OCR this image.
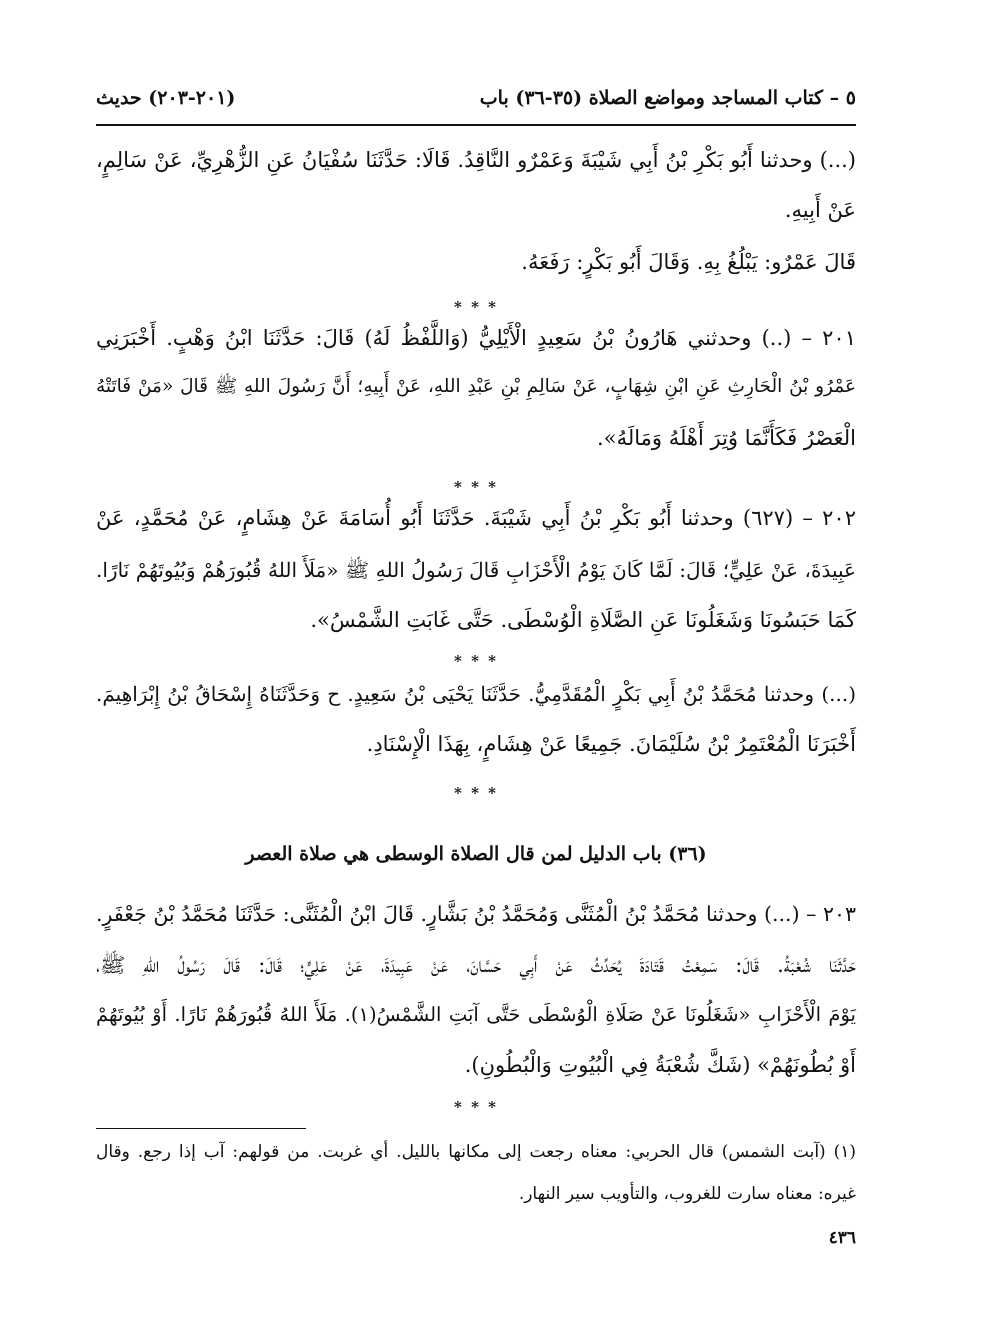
٥ – كتاب المساجد ومواضع الصلاة (٣٥-٣٦) باب
(٢٠١-٢٠٣) حديث
(...) وحدثنا أَبُو بَكْرِ بْنُ أَبِي شَيْبَةَ وَعَمْرٌو النَّاقِدُ. قَالَا: حَدَّثَنَا سُفْيَانُ عَنِ الزُّهْرِيِّ، عَنْ سَالِمٍ،
عَنْ أَبِيهِ.
قَالَ عَمْرٌو: يَبْلُغُ بِهِ. وَقَالَ أَبُو بَكْرٍ: رَفَعَهُ.
* * *
٢٠١ – (..) وحدثني هَارُونُ بْنُ سَعِيدٍ الْأَيْلِيُّ (وَاللَّفْظُ لَهُ) قَالَ: حَدَّثَنَا ابْنُ وَهْبٍ. أَخْبَرَنِي
عَمْرُو بْنُ الْحَارِثِ عَنِ ابْنِ شِهَابٍ، عَنْ سَالِمِ بْنِ عَبْدِ اللهِ، عَنْ أَبِيهِ؛ أَنَّ رَسُولَ اللهِ ﷺ قَالَ «مَنْ فَاتَتْهُ
الْعَصْرُ فَكَأَنَّمَا وُتِرَ أَهْلَهُ وَمَالَهُ».
* * *
٢٠٢ – (٦٢٧) وحدثنا أَبُو بَكْرِ بْنُ أَبِي شَيْبَةَ. حَدَّثَنَا أَبُو أُسَامَةَ عَنْ هِشَامٍ، عَنْ مُحَمَّدٍ، عَنْ
عَبِيدَةَ، عَنْ عَلِيٍّ؛ قَالَ: لَمَّا كَانَ يَوْمُ الْأَحْزَابِ قَالَ رَسُولُ اللهِ ﷺ «مَلَأَ اللهُ قُبُورَهُمْ وَبُيُوتَهُمْ نَارًا.
كَمَا حَبَسُونَا وَشَغَلُونَا عَنِ الصَّلَاةِ الْوُسْطَى. حَتَّى غَابَتِ الشَّمْسُ».
* * *
(...) وحدثنا مُحَمَّدُ بْنُ أَبِي بَكْرٍ الْمُقَدَّمِيُّ. حَدَّثَنَا يَحْيَى بْنُ سَعِيدٍ. ح وَحَدَّثَنَاهُ إِسْحَاقُ بْنُ إِبْرَاهِيمَ.
أَخْبَرَنَا الْمُعْتَمِرُ بْنُ سُلَيْمَانَ. جَمِيعًا عَنْ هِشَامٍ، بِهَذَا الْإِسْنَادِ.
* * *
(٣٦) باب الدليل لمن قال الصلاة الوسطى هي صلاة العصر
٢٠٣ – (...) وحدثنا مُحَمَّدُ بْنُ الْمُثَنَّى وَمُحَمَّدُ بْنُ بَشَّارٍ. قَالَ ابْنُ الْمُثَنَّى: حَدَّثَنَا مُحَمَّدُ بْنُ جَعْفَرٍ.
حَدَّثَنَا شُعْبَةُ. قَالَ: سَمِعْتُ قَتَادَةَ يُحَدِّثُ عَنْ أَبِي حَسَّانَ، عَنْ عَبِيدَةَ، عَنْ عَلِيٍّ؛ قَالَ: قَالَ رَسُولُ اللهِ ﷺ،
يَوْمَ الْأَحْزَابِ «شَغَلُونَا عَنْ صَلَاةِ الْوُسْطَى حَتَّى آبَتِ الشَّمْسُ(١). مَلَأَ اللهُ قُبُورَهُمْ نَارًا. أَوْ بُيُوتَهُمْ
أَوْ بُطُونَهُمْ» (شَكَّ شُعْبَةُ فِي الْبُيُوتِ وَالْبُطُونِ).
* * *
(١) (آبت الشمس) قال الحربي: معناه رجعت إلى مكانها بالليل. أي غربت. من قولهم: آب إذا رجع. وقال
غيره: معناه سارت للغروب، والتأويب سير النهار.
٤٣٦
